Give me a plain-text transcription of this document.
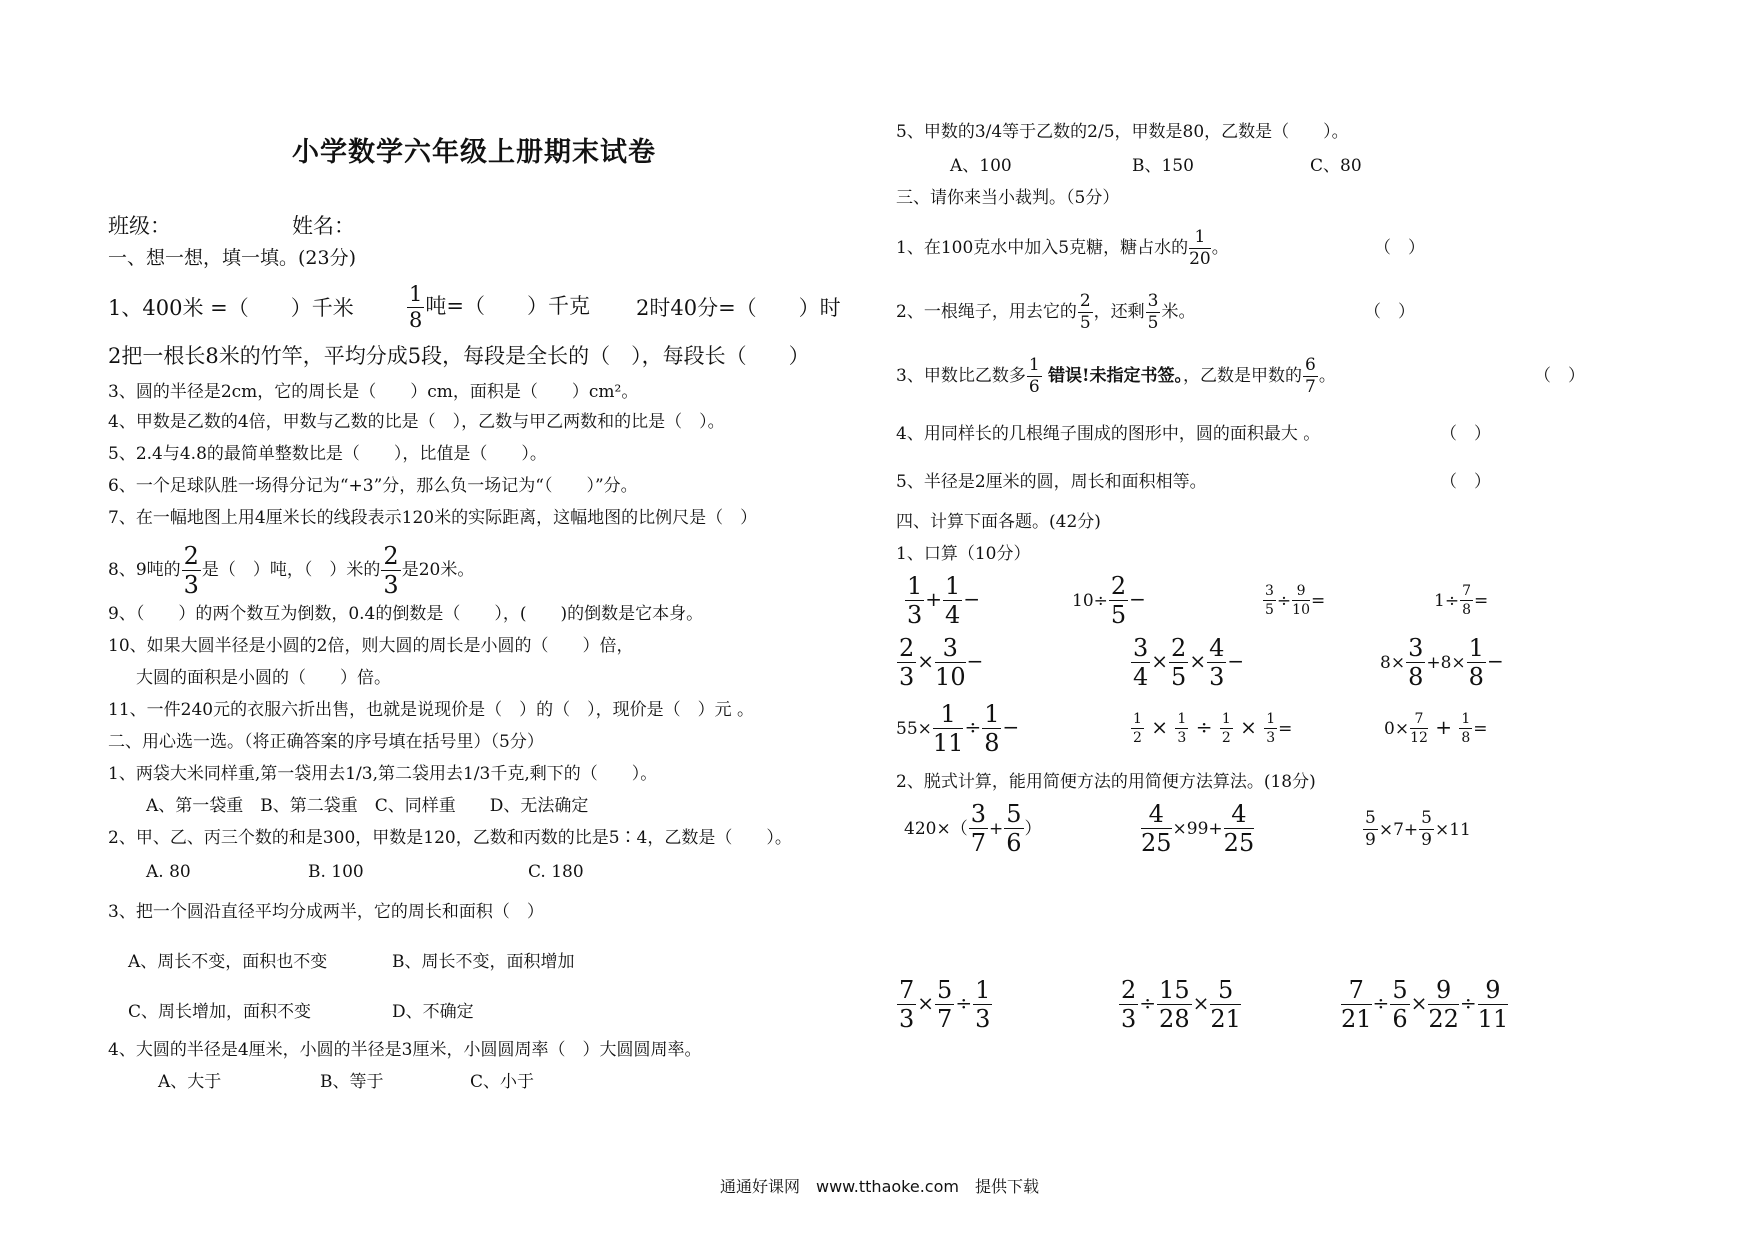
小学数学六年级上册期末试卷
班级：	姓名：
一、想一想，填一填。(23分)
1、400米 =（　　）千米	$\frac{1}{8}$ 吨=（　　）千克 2时40分=（　　）时
2把一根长8米的竹竿，平均分成5段，每段是全长的（　），每段长（　　）
3、圆的半径是2cm，它的周长是（　　）cm，面积是（　　）cm²。
4、甲数是乙数的4倍，甲数与乙数的比是（　），乙数与甲乙两数和的比是（　）。
5、2.4与4.8的最简单整数比是（　　），比值是（　　）。
6、一个足球队胜一场得分记为“+3”分，那么负一场记为“（　　）”分。
7、在一幅地图上用4厘米长的线段表示120米的实际距离，这幅地图的比例尺是（　）
8、9吨的 $\frac{2}{3}$ 是（　）吨，（　）米的 $\frac{2}{3}$ 是20米。
9、（　　）的两个数互为倒数，0.4的倒数是（　　），(　　)的倒数是它本身。
10、如果大圆半径是小圆的2倍，则大圆的周长是小圆的（　　）倍，
大圆的面积是小圆的（　　）倍。
11、一件240元的衣服六折出售，也就是说现价是（　）的（　），现价是（　）元 。
二、用心选一选。（将正确答案的序号填在括号里）（5分）
1、两袋大米同样重,第一袋用去1/3,第二袋用去1/3千克,剩下的（　　）。
A、第一袋重　B、第二袋重　C、同样重　　D、无法确定
2、甲、乙、丙三个数的和是300，甲数是120，乙数和丙数的比是5∶4，乙数是（　　）。
A. 80	B. 100	C. 180
3、把一个圆沿直径平均分成两半，它的周长和面积（　）
A、周长不变，面积也不变	B、周长不变，面积增加
C、周长增加，面积不变	D、不确定
4、大圆的半径是4厘米，小圆的半径是3厘米，小圆圆周率（　）大圆圆周率。
A、大于	B、等于	C、小于
5、甲数的3/4等于乙数的2/5，甲数是80，乙数是（　　）。
A、100	B、150	C、80
三、请你来当小裁判。（5分）
1、在100克水中加入5克糖，糖占水的 $\frac{1}{20}$ 。	（　）
2、一根绳子，用去它的 $\frac{2}{5}$ ，还剩 $\frac{3}{5}$ 米。	（　）
3、甲数比乙数多 $\frac{1}{6}$ 错误!未指定书签。，乙数是甲数的 $\frac{6}{7}$ 。	（　）
4、用同样长的几根绳子围成的图形中，圆的面积最大 。	（　）
5、半径是2厘米的圆，周长和面积相等。	（　）
四、计算下面各题。(42分)
1、口算（10分）
$\frac{1}{3} + \frac{1}{4}$ −	$10\div \frac{2}{5}$ −	$\frac{3}{5} \div \frac{9}{10}$ =	$1\div \frac{7}{8}$ =
$\frac{2}{3} \times \frac{3}{10}$ −	$\frac{3}{4} \times \frac{2}{5} \times \frac{4}{3}$ −	$8\times \frac{3}{8} +8\times \frac{1}{8}$ −
$55\times \frac{1}{11} \div \frac{1}{8}$ −	$\frac{1}{2} \times \frac{1}{3} \div \frac{1}{2} \times \frac{1}{3}$ =	$0\times \frac{7}{12} + \frac{1}{8}$ =
2、脱式计算，能用简便方法的用简便方法算法。(18分)
$420\times( \frac{3}{7} + \frac{5}{6}$ ）	$\frac{4}{25} \times 99+ \frac{4}{25}$	$\frac{5}{9} \times 7+ \frac{5}{9} \times 11$
$\frac{7}{3} \times \frac{5}{7} \div \frac{1}{3}$	$\frac{2}{3} \div \frac{15}{28} \times \frac{5}{21}$	$\frac{7}{21} \div \frac{5}{6} \times \frac{9}{22} \div \frac{9}{11}$
通通好课网　www.tthaoke.com　提供下载
